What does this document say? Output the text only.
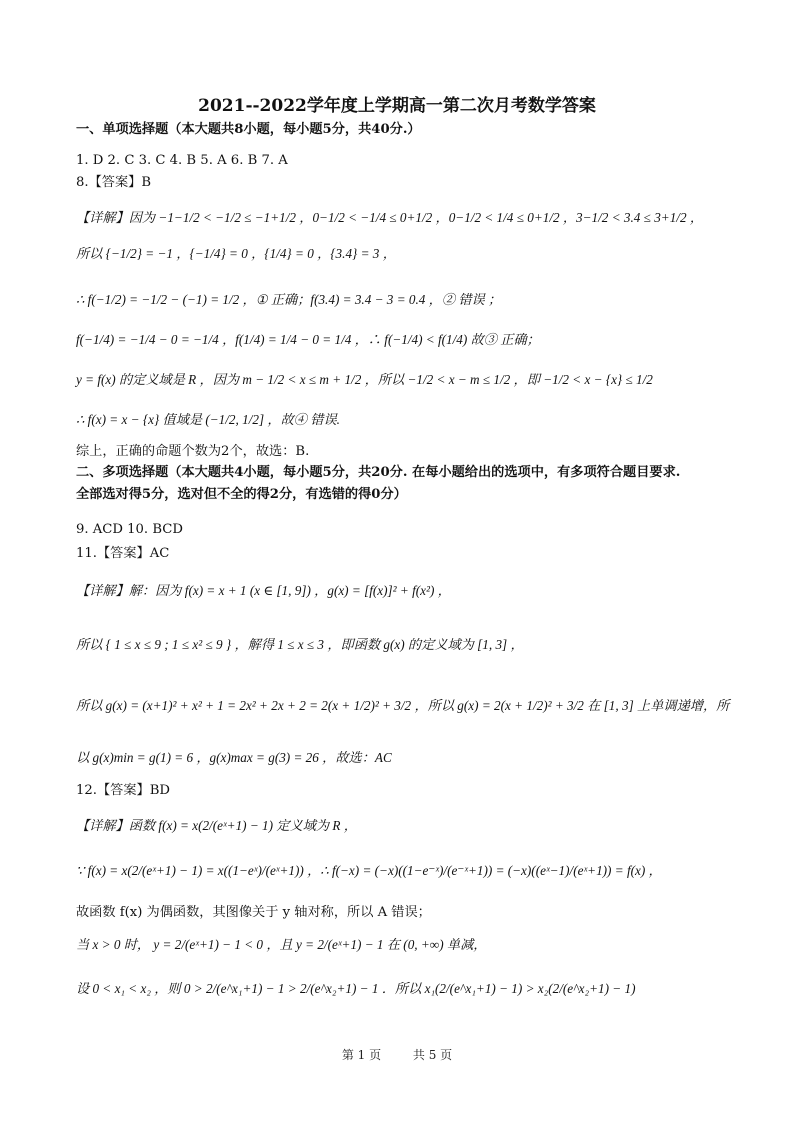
2021--2022学年度上学期高一第二次月考数学答案
一、单项选择题（本大题共8小题，每小题5分，共40分.）
1. D 2. C 3. C 4. B 5. A 6. B 7. A
8.【答案】B
【详解】因为 −1−1/2 < −1/2 ≤ −1+1/2 ，0−1/2 < −1/4 ≤ 0+1/2 ，0−1/2 < 1/4 ≤ 0+1/2 ，3−1/2 < 3.4 ≤ 3+1/2 ，
所以 {−1/2} = −1 ，{−1/4} = 0 ，{1/4} = 0 ，{3.4} = 3 ，
∴ f(−1/2) = −1/2 − (−1) = 1/2 ，① 正确；f(3.4) = 3.4 − 3 = 0.4 ，② 错误 ；
f(−1/4) = −1/4 − 0 = −1/4 ，f(1/4) = 1/4 − 0 = 1/4 ，∴ f(−1/4) < f(1/4) 故③ 正确；
y = f(x) 的定义域是 R ，因为 m − 1/2 < x ≤ m + 1/2 ，所以 −1/2 < x − m ≤ 1/2 ，即 −1/2 < x − {x} ≤ 1/2
∴ f(x) = x − {x} 值域是 (−1/2, 1/2] ，故④ 错误.
综上，正确的命题个数为2个，故选：B.
二、多项选择题（本大题共4小题，每小题5分，共20分. 在每小题给出的选项中，有多项符合题目要求.
全部选对得5分，选对但不全的得2分，有选错的得0分）
9. ACD 10. BCD
11.【答案】AC
【详解】解：因为 f(x) = x + 1 (x ∈ [1, 9]) ，g(x) = [f(x)]² + f(x²) ，
所以 { 1 ≤ x ≤ 9 ; 1 ≤ x² ≤ 9 } ，解得 1 ≤ x ≤ 3 ，即函数 g(x) 的定义域为 [1, 3] ，
所以 g(x) = (x+1)² + x² + 1 = 2x² + 2x + 2 = 2(x + 1/2)² + 3/2 ，所以 g(x) = 2(x + 1/2)² + 3/2 在 [1, 3] 上单调递增，所
以 g(x)min = g(1) = 6 ，g(x)max = g(3) = 26 ，故选：AC
12.【答案】BD
【详解】函数 f(x) = x(2/(eˣ+1) − 1) 定义域为 R ，
∵ f(x) = x(2/(eˣ+1) − 1) = x((1−eˣ)/(eˣ+1)) ，∴ f(−x) = (−x)((1−e⁻ˣ)/(e⁻ˣ+1)) = (−x)((eˣ−1)/(eˣ+1)) = f(x) ，
故函数 f(x) 为偶函数，其图像关于 y 轴对称，所以 A 错误；
当 x > 0 时， y = 2/(eˣ+1) − 1 < 0 ，且 y = 2/(eˣ+1) − 1 在 (0, +∞) 单减，
设 0 < x₁ < x₂ ，则 0 > 2/(e^x₁+1) − 1 > 2/(e^x₂+1) − 1 ．所以 x₁(2/(e^x₁+1) − 1) > x₂(2/(e^x₂+1) − 1)
第 1 页	共 5 页
